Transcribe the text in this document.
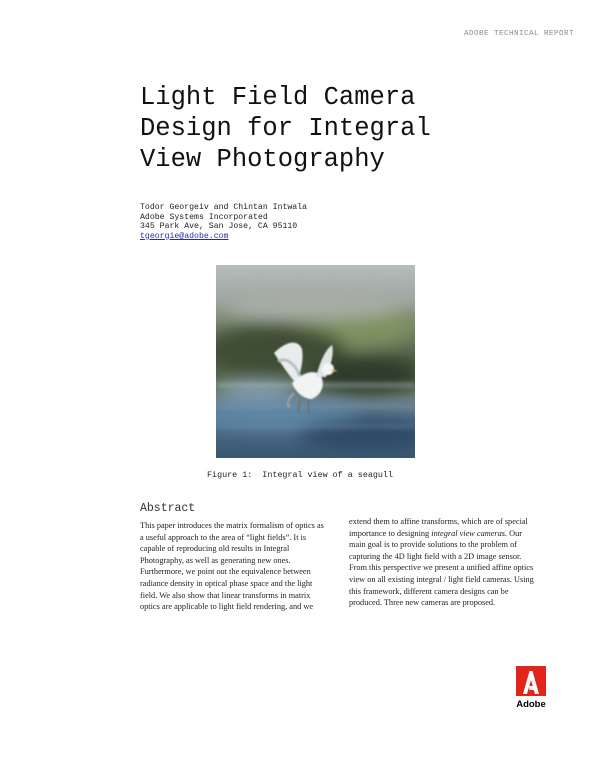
ADOBE TECHNICAL REPORT
Light Field Camera
Design for Integral
View Photography
Todor Georgeiv and Chintan Intwala
Adobe Systems Incorporated
345 Park Ave, San Jose, CA 95110
tgeorgie@adobe.com
Figure 1:  Integral view of a seagull
Abstract
This paper introduces the matrix formalism of optics as
a useful approach to the area of “light fields”. It is
capable of reproducing old results in Integral
Photography, as well as generating new ones.
Furthermore, we point out the equivalence between
radiance density in optical phase space and the light
field. We also show that linear transforms in matrix
optics are applicable to light field rendering, and we
extend them to affine transforms, which are of special
importance to designing integral view cameras. Our
main goal is to provide solutions to the problem of
capturing the 4D light field with a 2D image sensor.
From this perspective we present a unified affine optics
view on all existing integral / light field cameras. Using
this framework, different camera designs can be
produced. Three new cameras are proposed.
Adobe
